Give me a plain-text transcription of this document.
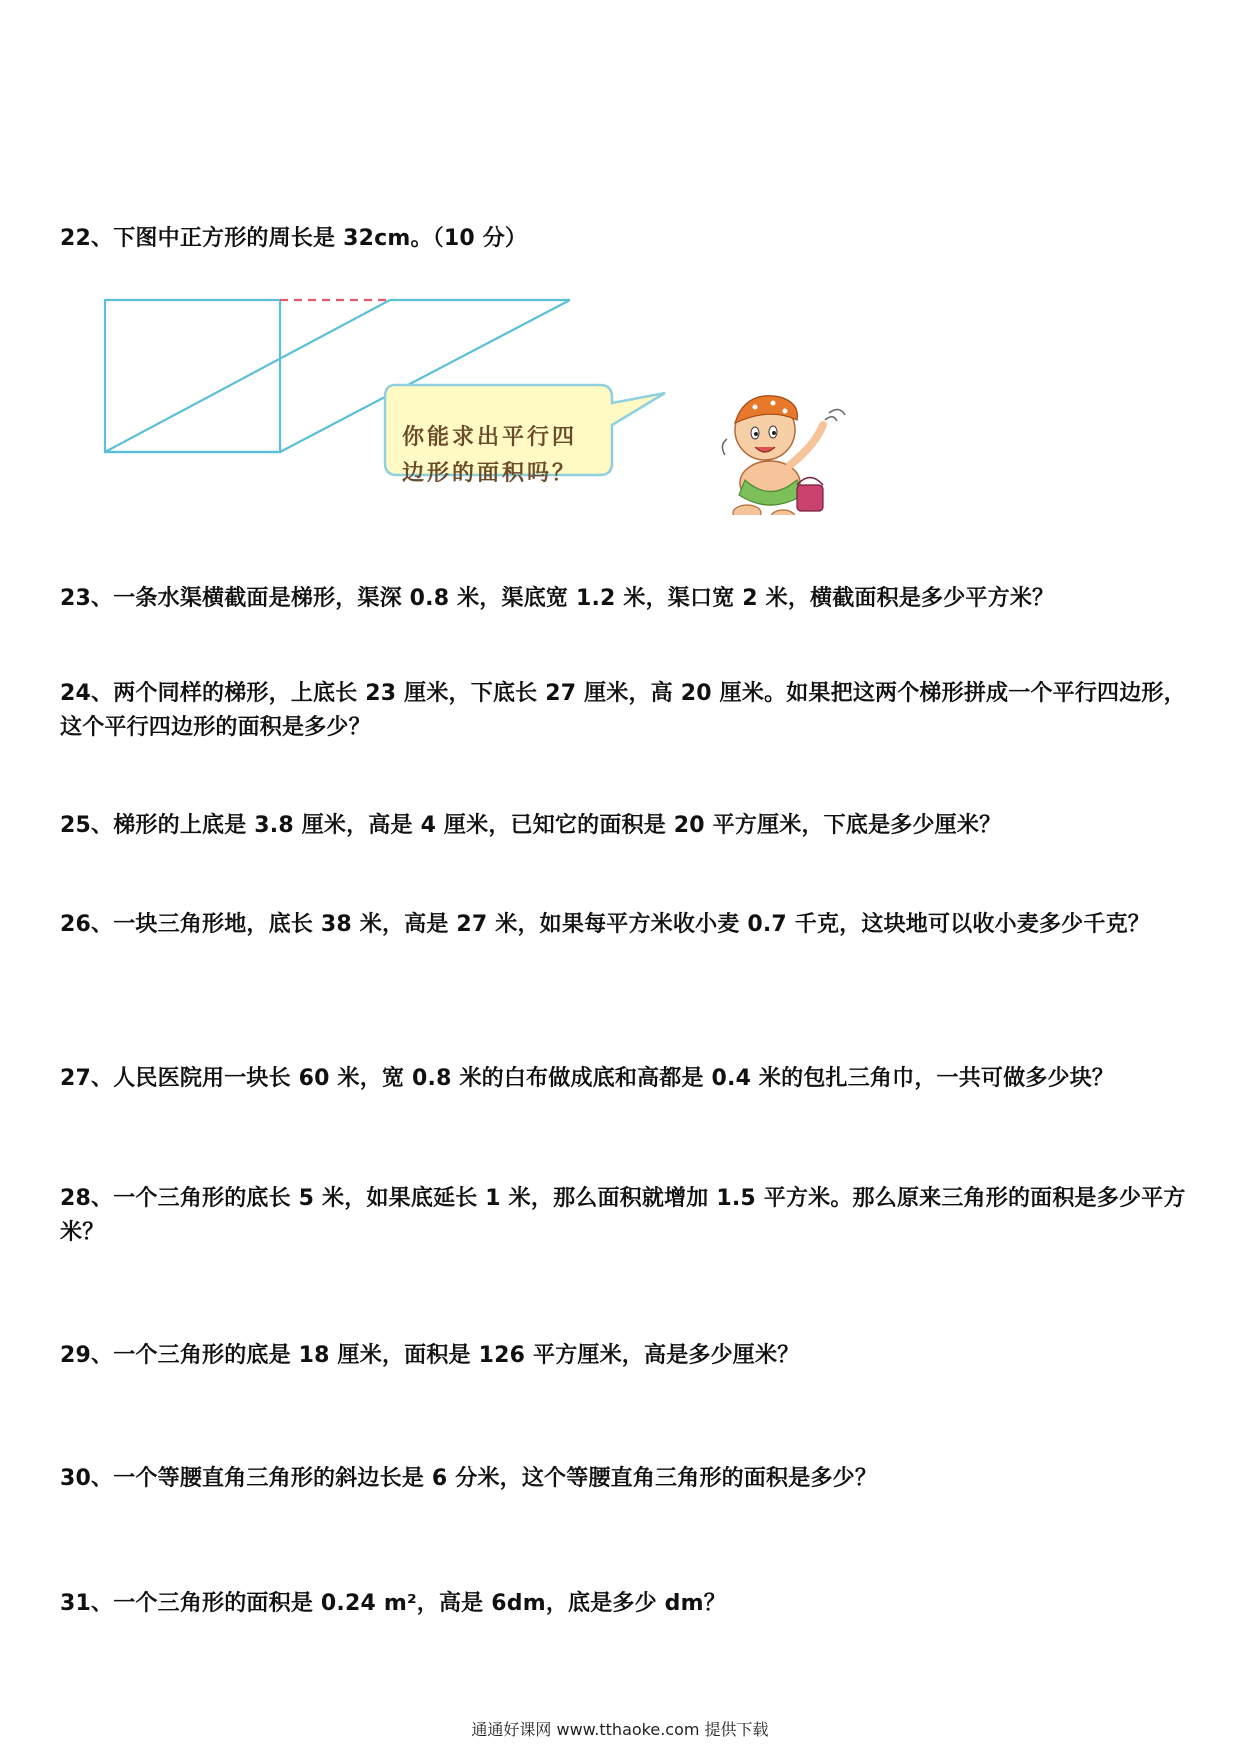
22、下图中正方形的周长是 32cm。（10 分）
你能求出平行四
边形的面积吗？
23、一条水渠横截面是梯形，渠深 0.8 米，渠底宽 1.2 米，渠口宽 2 米，横截面积是多少平方米？
24、两个同样的梯形，上底长 23 厘米，下底长 27 厘米，高 20 厘米。如果把这两个梯形拼成一个平行四边形，这个平行四边形的面积是多少？
25、梯形的上底是 3.8 厘米，高是 4 厘米，已知它的面积是 20 平方厘米，下底是多少厘米？
26、一块三角形地，底长 38 米，高是 27 米，如果每平方米收小麦 0.7 千克，这块地可以收小麦多少千克？
27、人民医院用一块长 60 米，宽 0.8 米的白布做成底和高都是 0.4 米的包扎三角巾，一共可做多少块？
28、一个三角形的底长 5 米，如果底延长 1 米，那么面积就增加 1.5 平方米。那么原来三角形的面积是多少平方米？
29、一个三角形的底是 18 厘米，面积是 126 平方厘米，高是多少厘米？
30、一个等腰直角三角形的斜边长是 6 分米，这个等腰直角三角形的面积是多少？
31、一个三角形的面积是 0.24 m²，高是 6dm，底是多少 dm？
通通好课网 www.tthaoke.com 提供下载
